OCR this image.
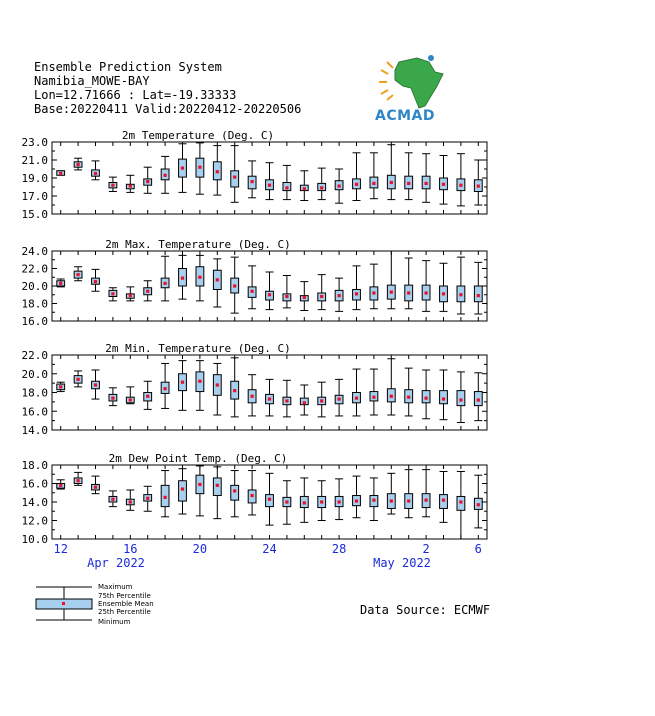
Ensemble Prediction System
Namibia_MOWE-BAY
Lon=12.71666 : Lat=-19.33333
Base:20220411 Valid:20220412-20220506	ACMAD
15.0
17.0
19.0
21.0
23.0
2m Temperature (Deg. C)
16.0
18.0
20.0
22.0
24.0
2m Max. Temperature (Deg. C)
14.0
16.0
18.0
20.0
22.0
2m Min. Temperature (Deg. C)
10.0
12.0
14.0
16.0
18.0
2m Dew Point Temp. (Deg. C)
12	16	20	24	28	2	6
Apr 2022	May 2022
Maximum
75th Percentile
Ensemble Mean
25th Percentile
Minimum
Data Source: ECMWF
